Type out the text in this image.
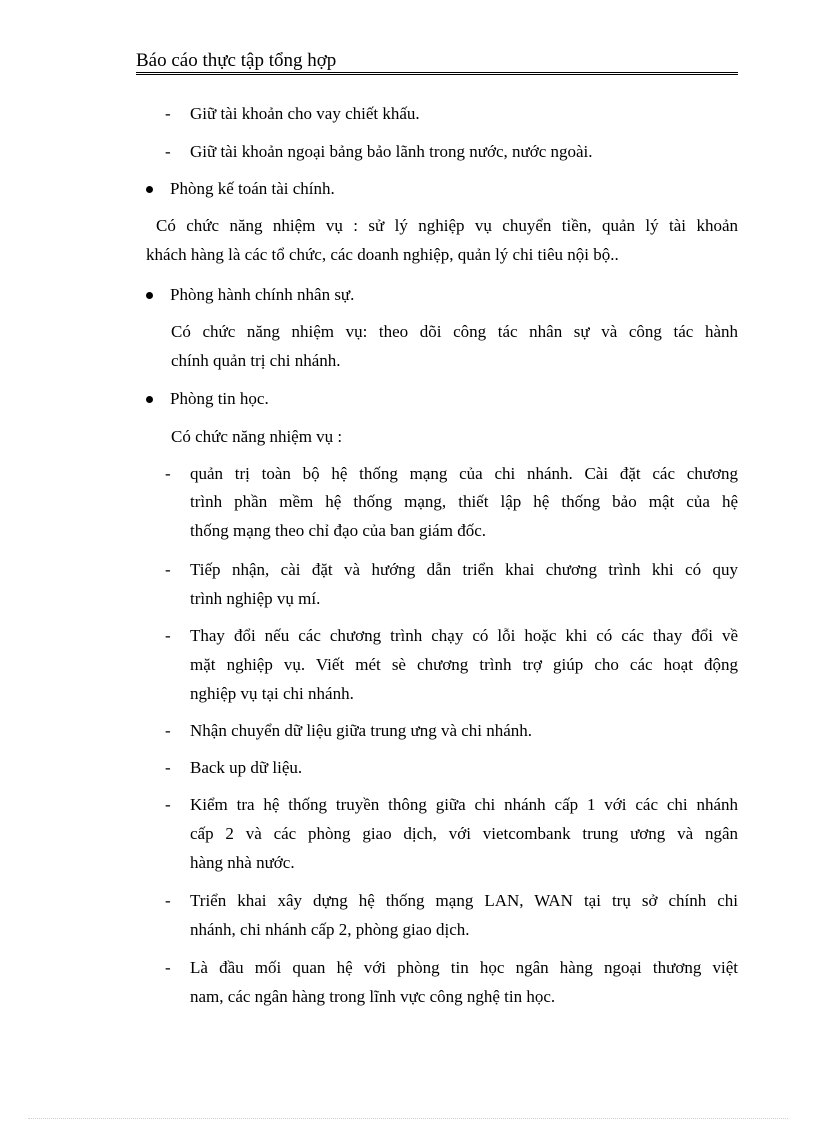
Báo cáo thực tập tổng hợp
- Giữ tài khoản cho vay chiết khấu.
- Giữ tài khoản ngoại bảng bảo lãnh trong nước, nước ngoài.
Phòng kế toán tài chính.
Có chức năng nhiệm vụ : sử lý nghiệp vụ chuyển tiền, quản lý tài khoản
khách hàng là các tổ chức, các doanh nghiệp, quản lý chi tiêu nội bộ..
Phòng hành chính nhân sự.
Có chức năng nhiệm vụ: theo dõi công tác nhân sự và công tác hành
chính quản trị chi nhánh.
Phòng tin học.
Có chức năng nhiệm vụ :
- quản trị toàn bộ hệ thống mạng của chi nhánh. Cài đặt các chương
trình phần mềm hệ thống mạng, thiết lập hệ thống bảo mật của hệ
thống mạng theo chỉ đạo của ban giám đốc.
- Tiếp nhận, cài đặt và hướng dẫn triển khai chương trình khi có quy
trình nghiệp vụ mí.
- Thay đổi nếu các chương trình chạy có lỗi hoặc khi có các thay đổi về
mặt nghiệp vụ. Viết mét sè chương trình trợ giúp cho các hoạt động
nghiệp vụ tại chi nhánh.
- Nhận chuyển dữ liệu giữa trung ưng và chi nhánh.
- Back up dữ liệu.
- Kiểm tra hệ thống truyền thông giữa chi nhánh cấp 1 với các chi nhánh
cấp 2 và các phòng giao dịch, với vietcombank trung ương và ngân
hàng nhà nước.
- Triển khai xây dựng hệ thống mạng LAN, WAN tại trụ sở chính chi
nhánh, chi nhánh cấp 2, phòng giao dịch.
- Là đầu mối quan hệ với phòng tin học ngân hàng ngoại thương việt
nam, các ngân hàng trong lĩnh vực công nghệ tin học.
